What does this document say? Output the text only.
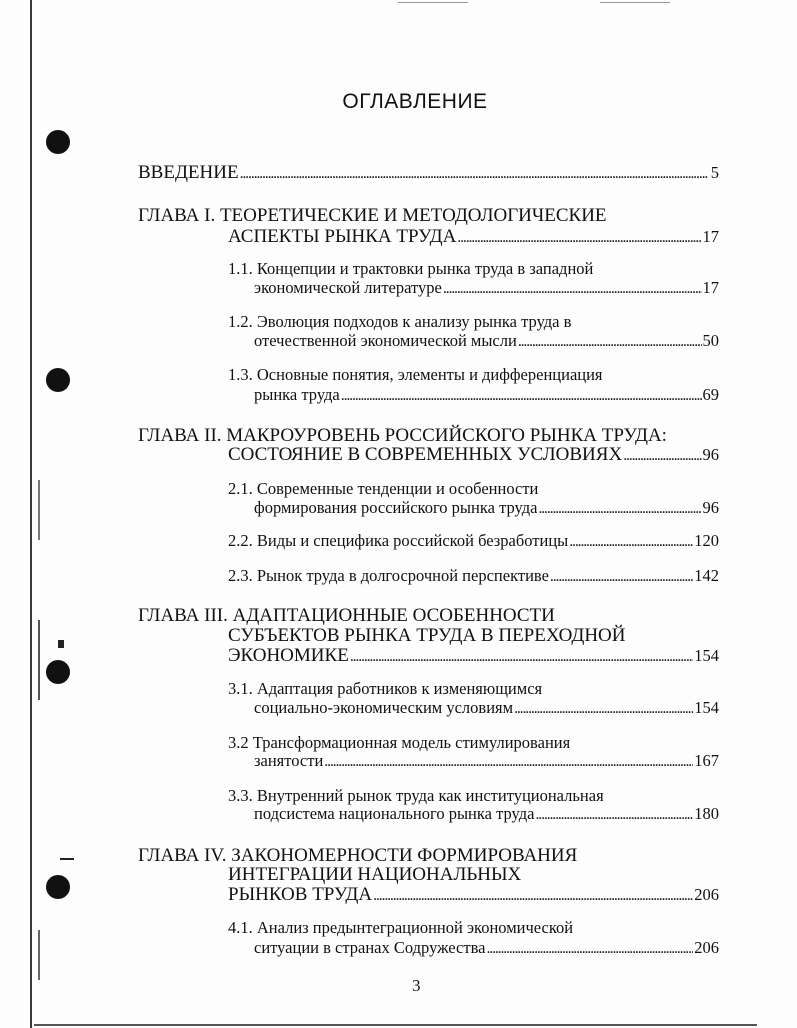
ОГЛАВЛЕНИЕ
ВВЕДЕНИЕ . . .	5
ГЛАВА I. ТЕОРЕТИЧЕСКИЕ И МЕТОДОЛОГИЧЕСКИЕ
АСПЕКТЫ РЫНКА ТРУДА . . .	17
1.1. Концепции и трактовки рынка труда в западной
экономической литературе . . .	17
1.2. Эволюция подходов к анализу рынка труда в
отечественной экономической мысли . . .	50
1.3. Основные понятия, элементы и дифференциация
рынка труда . . .	69
ГЛАВА II. МАКРОУРОВЕНЬ РОССИЙСКОГО РЫНКА ТРУДА:
СОСТОЯНИЕ В СОВРЕМЕННЫХ УСЛОВИЯХ . . .	96
2.1. Современные тенденции и особенности
формирования российского рынка труда . . .	96
2.2. Виды и специфика российской безработицы . . .	120
2.3. Рынок труда в долгосрочной перспективе . . .	142
ГЛАВА III. АДАПТАЦИОННЫЕ ОСОБЕННОСТИ
СУБЪЕКТОВ РЫНКА ТРУДА В ПЕРЕХОДНОЙ
ЭКОНОМИКЕ . . .	154
3.1. Адаптация работников к изменяющимся
социально-экономическим условиям . . .	154
3.2 Трансформационная модель стимулирования
занятости . . .	167
3.3. Внутренний рынок труда как институциональная
подсистема национального рынка труда . . .	180
ГЛАВА IV. ЗАКОНОМЕРНОСТИ ФОРМИРОВАНИЯ
ИНТЕГРАЦИИ НАЦИОНАЛЬНЫХ
РЫНКОВ ТРУДА . . .	206
4.1. Анализ предынтеграционной экономической
ситуации в странах Содружества . . .	206
3
